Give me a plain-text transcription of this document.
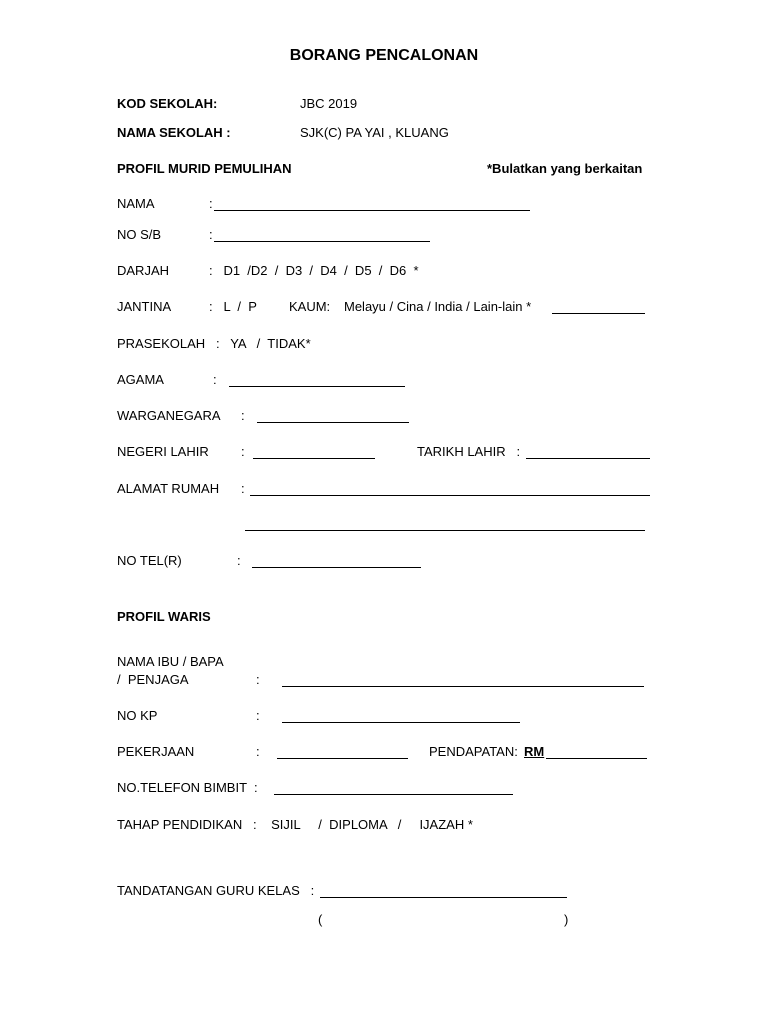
BORANG PENCALONAN
KOD SEKOLAH:	JBC 2019
NAMA SEKOLAH :	SJK(C) PA YAI , KLUANG
PROFIL MURID PEMULIHAN	*Bulatkan yang berkaitan
NAMA	:
NO S/B	:
DARJAH	:   D1  /D2  /  D3  /  D4  /  D5  /  D6  *
JANTINA	:   L  /  P KAUM: Melayu / Cina / India / Lain-lain *
PRASEKOLAH   :   YA   /  TIDAK*
AGAMA	:
WARGANEGARA :
NEGERI LAHIR :	TARIKH LAHIR   :
ALAMAT RUMAH :
NO TEL(R)	:
PROFIL WARIS
NAMA IBU / BAPA
/  PENJAGA	:
NO KP	:
PEKERJAAN	:	PENDAPATAN: RM
NO.TELEFON BIMBIT  :
TAHAP PENDIDIKAN   :    SIJIL     /  DIPLOMA   /     IJAZAH *
TANDATANGAN GURU KELAS   :
(	)
